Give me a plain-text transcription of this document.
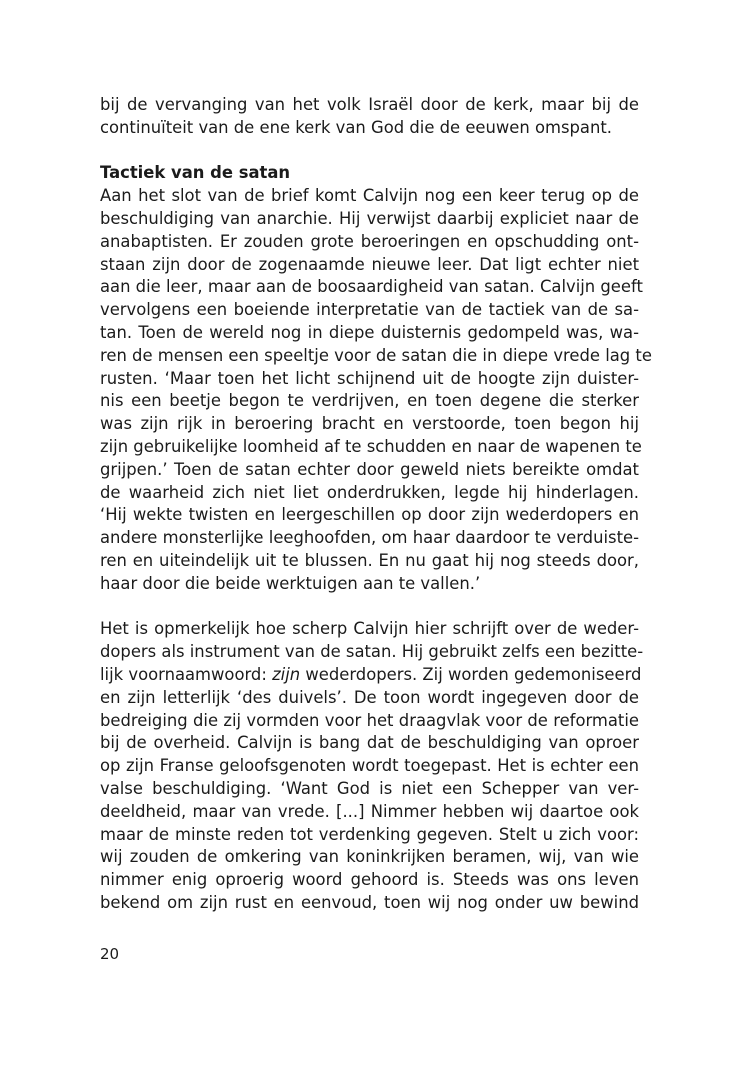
bij de vervanging van het volk Israël door de kerk, maar bij de
continuïteit van de ene kerk van God die de eeuwen omspant.
Tactiek van de satan
Aan het slot van de brief komt Calvijn nog een keer terug op de
beschuldiging van anarchie. Hij verwijst daarbij expliciet naar de
anabaptisten. Er zouden grote beroeringen en opschudding ont-
staan zijn door de zogenaamde nieuwe leer. Dat ligt echter niet
aan die leer, maar aan de boosaardigheid van satan. Calvijn geeft
vervolgens een boeiende interpretatie van de tactiek van de sa-
tan. Toen de wereld nog in diepe duisternis gedompeld was, wa-
ren de mensen een speeltje voor de satan die in diepe vrede lag te
rusten. ‘Maar toen het licht schijnend uit de hoogte zijn duister-
nis een beetje begon te verdrijven, en toen degene die sterker
was zijn rijk in beroering bracht en verstoorde, toen begon hij
zijn gebruikelijke loomheid af te schudden en naar de wapenen te
grijpen.’ Toen de satan echter door geweld niets bereikte omdat
de waarheid zich niet liet onderdrukken, legde hij hinderlagen.
‘Hij wekte twisten en leergeschillen op door zijn wederdopers en
andere monsterlijke leeghoofden, om haar daardoor te verduiste-
ren en uiteindelijk uit te blussen. En nu gaat hij nog steeds door,
haar door die beide werktuigen aan te vallen.’
Het is opmerkelijk hoe scherp Calvijn hier schrijft over de weder-
dopers als instrument van de satan. Hij gebruikt zelfs een bezitte-
lijk voornaamwoord: zijn wederdopers. Zij worden gedemoniseerd
en zijn letterlijk ‘des duivels’. De toon wordt ingegeven door de
bedreiging die zij vormden voor het draagvlak voor de reformatie
bij de overheid. Calvijn is bang dat de beschuldiging van oproer
op zijn Franse geloofsgenoten wordt toegepast. Het is echter een
valse beschuldiging. ‘Want God is niet een Schepper van ver-
deeldheid, maar van vrede. [...] Nimmer hebben wij daartoe ook
maar de minste reden tot verdenking gegeven. Stelt u zich voor:
wij zouden de omkering van koninkrijken beramen, wij, van wie
nimmer enig oproerig woord gehoord is. Steeds was ons leven
bekend om zijn rust en eenvoud, toen wij nog onder uw bewind
20
